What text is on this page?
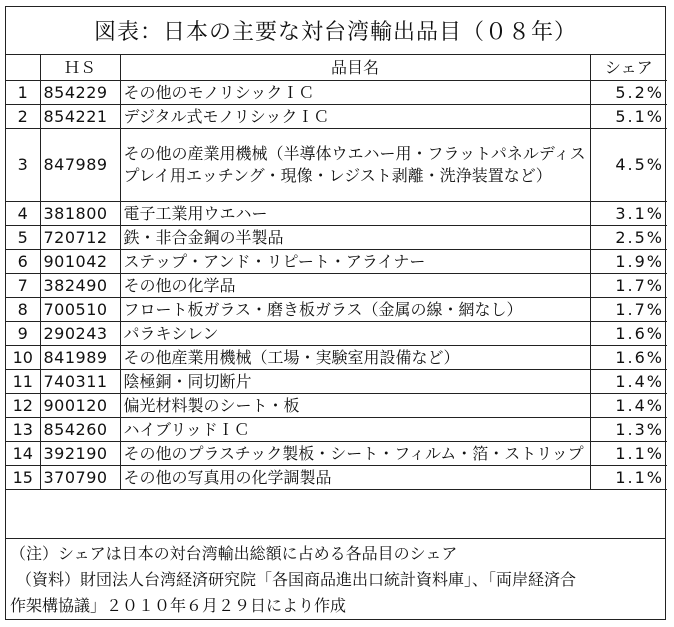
図表：日本の主要な対台湾輸出品目（０８年）
	ＨＳ	品目名	シェア
1	854229	その他のモノリシックＩＣ	5.2%
2	854221	デジタル式モノリシックＩＣ	5.1%
3	847989	その他の産業用機械（半導体ウエハー用・フラットパネルディスプレイ用エッチング・現像・レジスト剥離・洗浄装置など）	4.5%
4	381800	電子工業用ウエハー	3.1%
5	720712	鉄・非合金鋼の半製品	2.5%
6	901042	ステップ・アンド・リピート・アライナー	1.9%
7	382490	その他の化学品	1.7%
8	700510	フロート板ガラス・磨き板ガラス（金属の線・網なし）	1.7%
9	290243	パラキシレン	1.6%
10	841989	その他産業用機械（工場・実験室用設備など）	1.6%
11	740311	陰極銅・同切断片	1.4%
12	900120	偏光材料製のシート・板	1.4%
13	854260	ハイブリッドＩＣ	1.3%
14	392190	その他のプラスチック製板・シート・フィルム・箔・ストリップ	1.1%
15	370790	その他の写真用の化学調製品	1.1%
（注）シェアは日本の対台湾輸出総額に占める各品目のシェア
（資料）財団法人台湾経済研究院「各国商品進出口統計資料庫」、「両岸経済合
作架構協議」２０１０年６月２９日により作成
